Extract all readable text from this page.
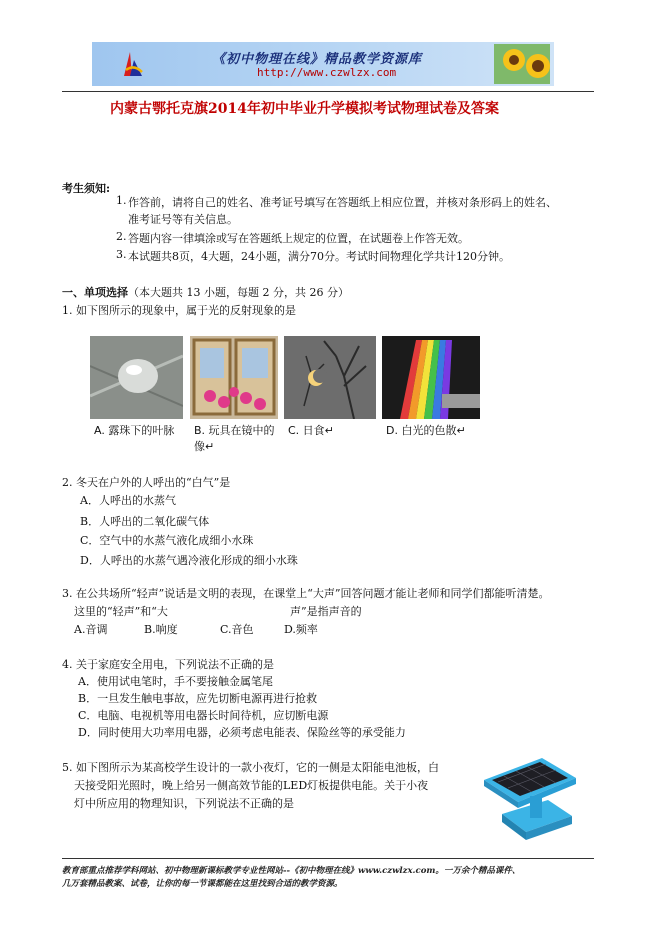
《初中物理在线》精品教学资源库
http://www.czwlzx.com
内蒙古鄂托克旗2014年初中毕业升学模拟考试物理试卷及答案
考生须知:
1. 作答前，请将自己的姓名、准考证号填写在答题纸上相应位置，并核对条形码上的姓名、
准考证号等有关信息。
2. 答题内容一律填涂或写在答题纸上规定的位置，在试题卷上作答无效。
3. 本试题共8页，4大题，24小题，满分70分。考试时间物理化学共计120分钟。
一、单项选择（本大题共 13 小题，每题 2 分，共 26 分）
1. 如下图所示的现象中，属于光的反射现象的是
A. 露珠下的叶脉 B. 玩具在镜中的像↵
C. 日食↵	D. 白光的色散↵
2. 冬天在户外的人呼出的“白气”是
A．人呼出的水蒸气
B．人呼出的二氧化碳气体
C．空气中的水蒸气液化成细小水珠
D．人呼出的水蒸气遇冷液化形成的细小水珠
3. 在公共场所“轻声”说话是文明的表现，在课堂上“大声”回答问题才能让老师和同学们都能听清楚。
这里的“轻声”和“大	声”是指声音的
A.音调	B.响度	C.音色	D.频率
4. 关于家庭安全用电，下列说法不正确的是
A．使用试电笔时，手不要接触金属笔尾
B．一旦发生触电事故，应先切断电源再进行抢救
C．电脑、电视机等用电器长时间待机，应切断电源
D．同时使用大功率用电器，必须考虑电能表、保险丝等的承受能力
5. 如下图所示为某高校学生设计的一款小夜灯，它的一侧是太阳能电池板，白
天接受阳光照时，晚上给另一侧高效节能的LED灯板提供电能。关于小夜
灯中所应用的物理知识，下列说法不正确的是
教育部重点推荐学科网站、初中物理新课标教学专业性网站--《初中物理在线》www.czwlzx.com。一万余个精品课件、
几万套精品教案、试卷，让你的每一节课都能在这里找到合适的教学资源。
